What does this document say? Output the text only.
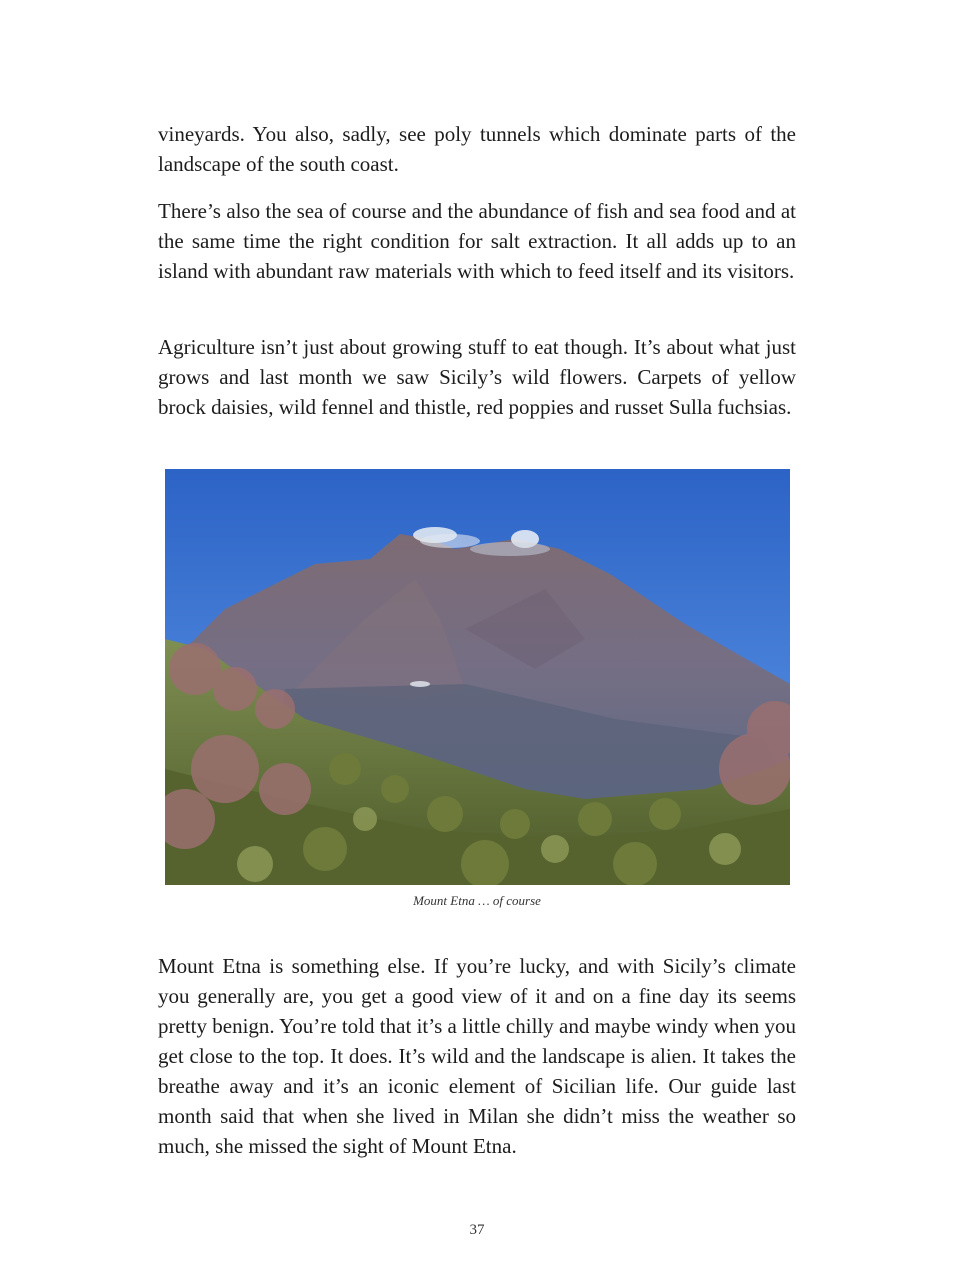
vineyards. You also, sadly, see poly tunnels which dominate parts of the landscape of the south coast.

There’s also the sea of course and the abundance of fish and sea food and at the same time the right condition for salt extraction. It all adds up to an island with abundant raw materials with which to feed itself and its visitors.

Agriculture isn’t just about growing stuff to eat though. It’s about what just grows and last month we saw Sicily’s wild flowers. Carpets of yellow brock daisies, wild fennel and thistle, red poppies and russet Sulla fuchsias.

Mount Etna … of course

Mount Etna is something else. If you’re lucky, and with Sicily’s climate you generally are, you get a good view of it and on a fine day its seems pretty benign. You’re told that it’s a little chilly and maybe windy when you get close to the top. It does. It’s wild and the landscape is alien. It takes the breathe away and it’s an iconic element of Sicilian life. Our guide last month said that when she lived in Milan she didn’t miss the weather so much, she missed the sight of Mount Etna.

37
